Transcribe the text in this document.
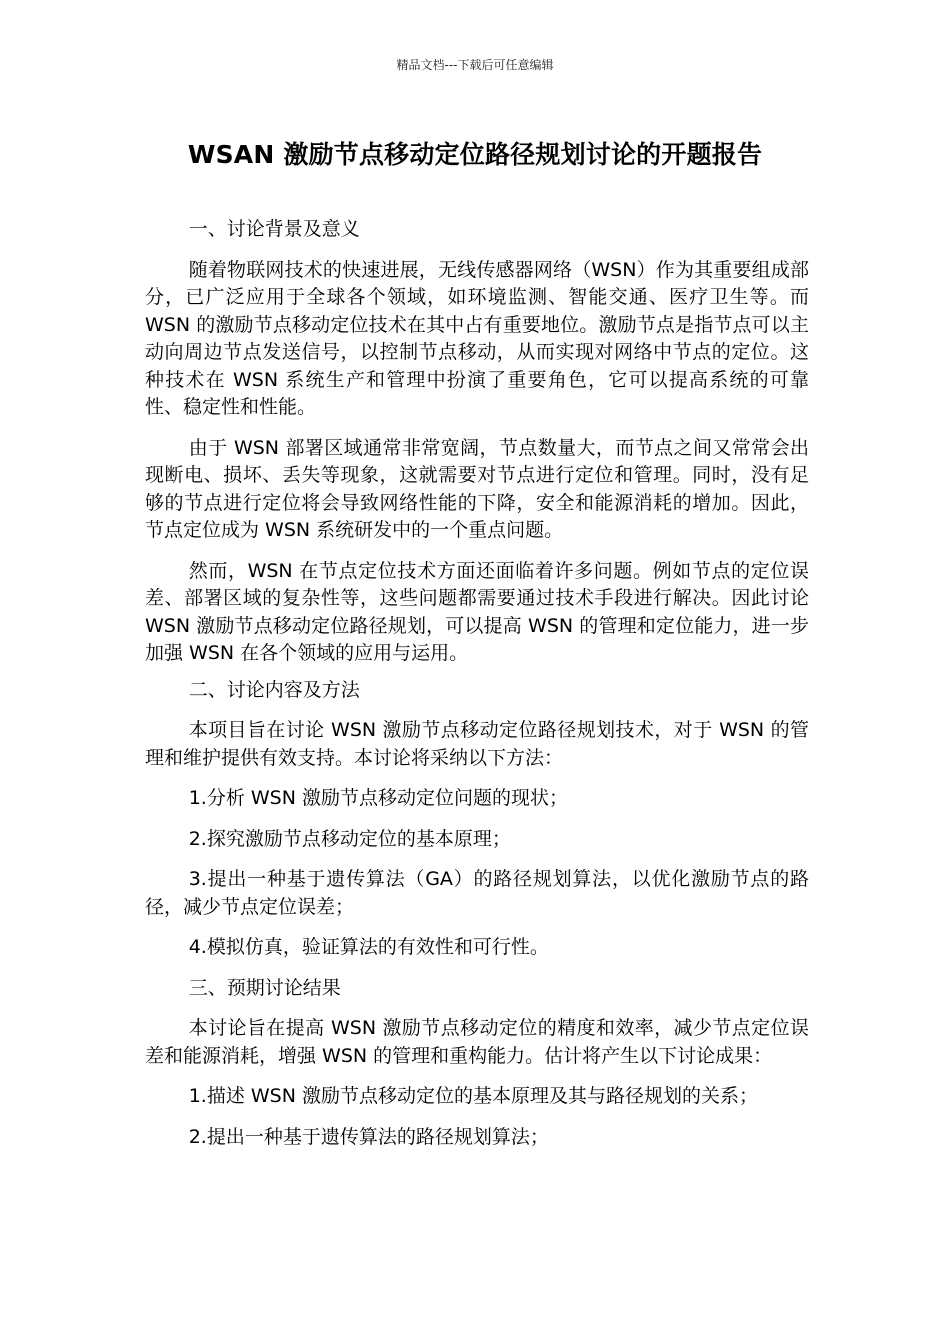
精品文档---下载后可任意编辑
WSAN 激励节点移动定位路径规划讨论的开题报告

一、讨论背景及意义

随着物联网技术的快速进展，无线传感器网络（WSN）作为其重要组成部分，已广泛应用于全球各个领域，如环境监测、智能交通、医疗卫生等。而 WSN 的激励节点移动定位技术在其中占有重要地位。激励节点是指节点可以主动向周边节点发送信号，以控制节点移动，从而实现对网络中节点的定位。这种技术在 WSN 系统生产和管理中扮演了重要角色，它可以提高系统的可靠性、稳定性和性能。

由于 WSN 部署区域通常非常宽阔，节点数量大，而节点之间又常常会出现断电、损坏、丢失等现象，这就需要对节点进行定位和管理。同时，没有足够的节点进行定位将会导致网络性能的下降，安全和能源消耗的增加。因此，节点定位成为 WSN 系统研发中的一个重点问题。

然而，WSN 在节点定位技术方面还面临着许多问题。例如节点的定位误差、部署区域的复杂性等，这些问题都需要通过技术手段进行解决。因此讨论 WSN 激励节点移动定位路径规划，可以提高 WSN 的管理和定位能力，进一步加强 WSN 在各个领域的应用与运用。

二、讨论内容及方法

本项目旨在讨论 WSN 激励节点移动定位路径规划技术，对于 WSN 的管理和维护提供有效支持。本讨论将采纳以下方法：

1.分析 WSN 激励节点移动定位问题的现状；

2.探究激励节点移动定位的基本原理；

3.提出一种基于遗传算法（GA）的路径规划算法，以优化激励节点的路径，减少节点定位误差；

4.模拟仿真，验证算法的有效性和可行性。

三、预期讨论结果

本讨论旨在提高 WSN 激励节点移动定位的精度和效率，减少节点定位误差和能源消耗，增强 WSN 的管理和重构能力。估计将产生以下讨论成果：

1.描述 WSN 激励节点移动定位的基本原理及其与路径规划的关系；

2.提出一种基于遗传算法的路径规划算法；
